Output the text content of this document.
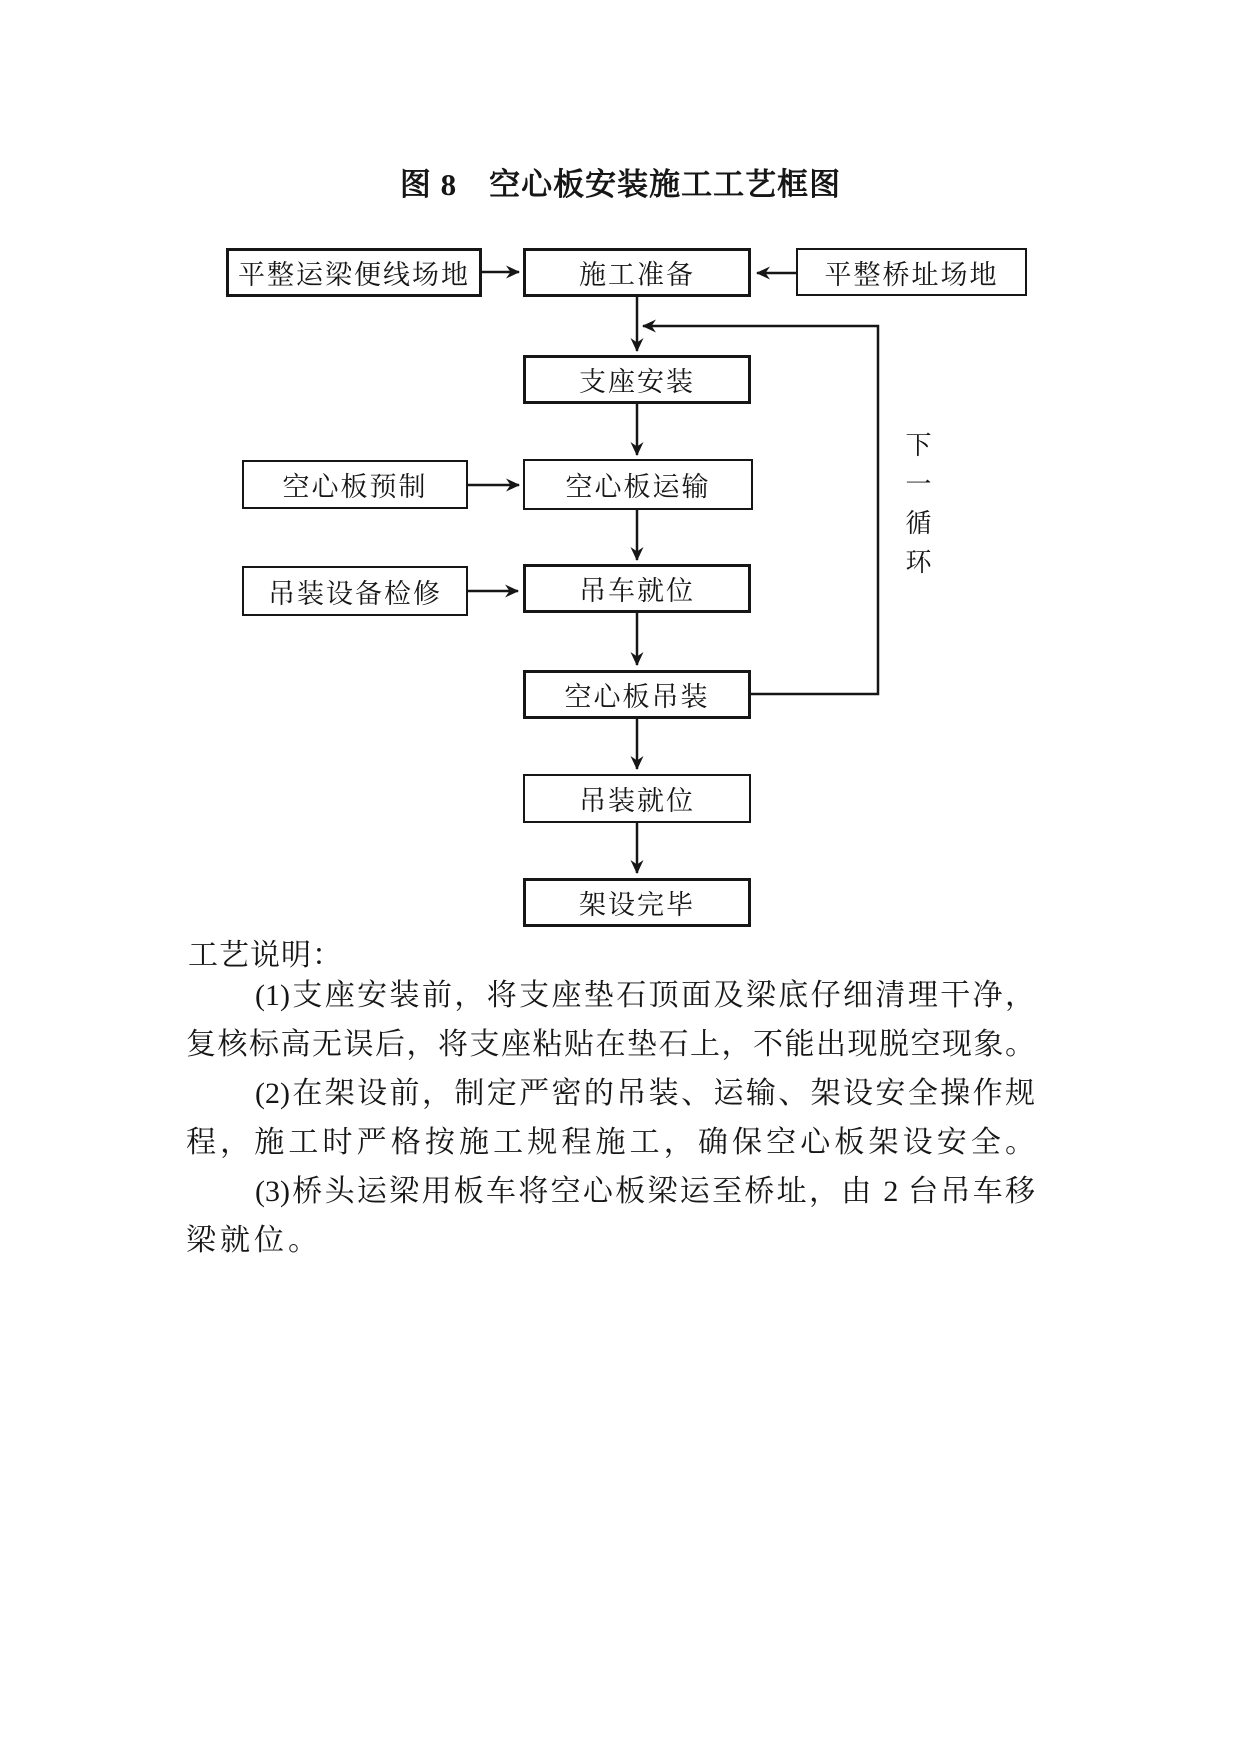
图 8 空心板安装施工工艺框图
平整运梁便线场地	施工准备	平整桥址场地
支座安装
空心板预制	空心板运输
吊装设备检修	吊车就位
空心板吊装
吊装就位
架设完毕
下一循环
工艺说明：
(1)支座安装前，将支座垫石顶面及梁底仔细清理干净，
复核标高无误后，将支座粘贴在垫石上，不能出现脱空现象。
(2)在架设前，制定严密的吊装、运输、架设安全操作规
程，施工时严格按施工规程施工，确保空心板架设安全。
(3)桥头运梁用板车将空心板梁运至桥址，由 2 台吊车移
梁就位。
